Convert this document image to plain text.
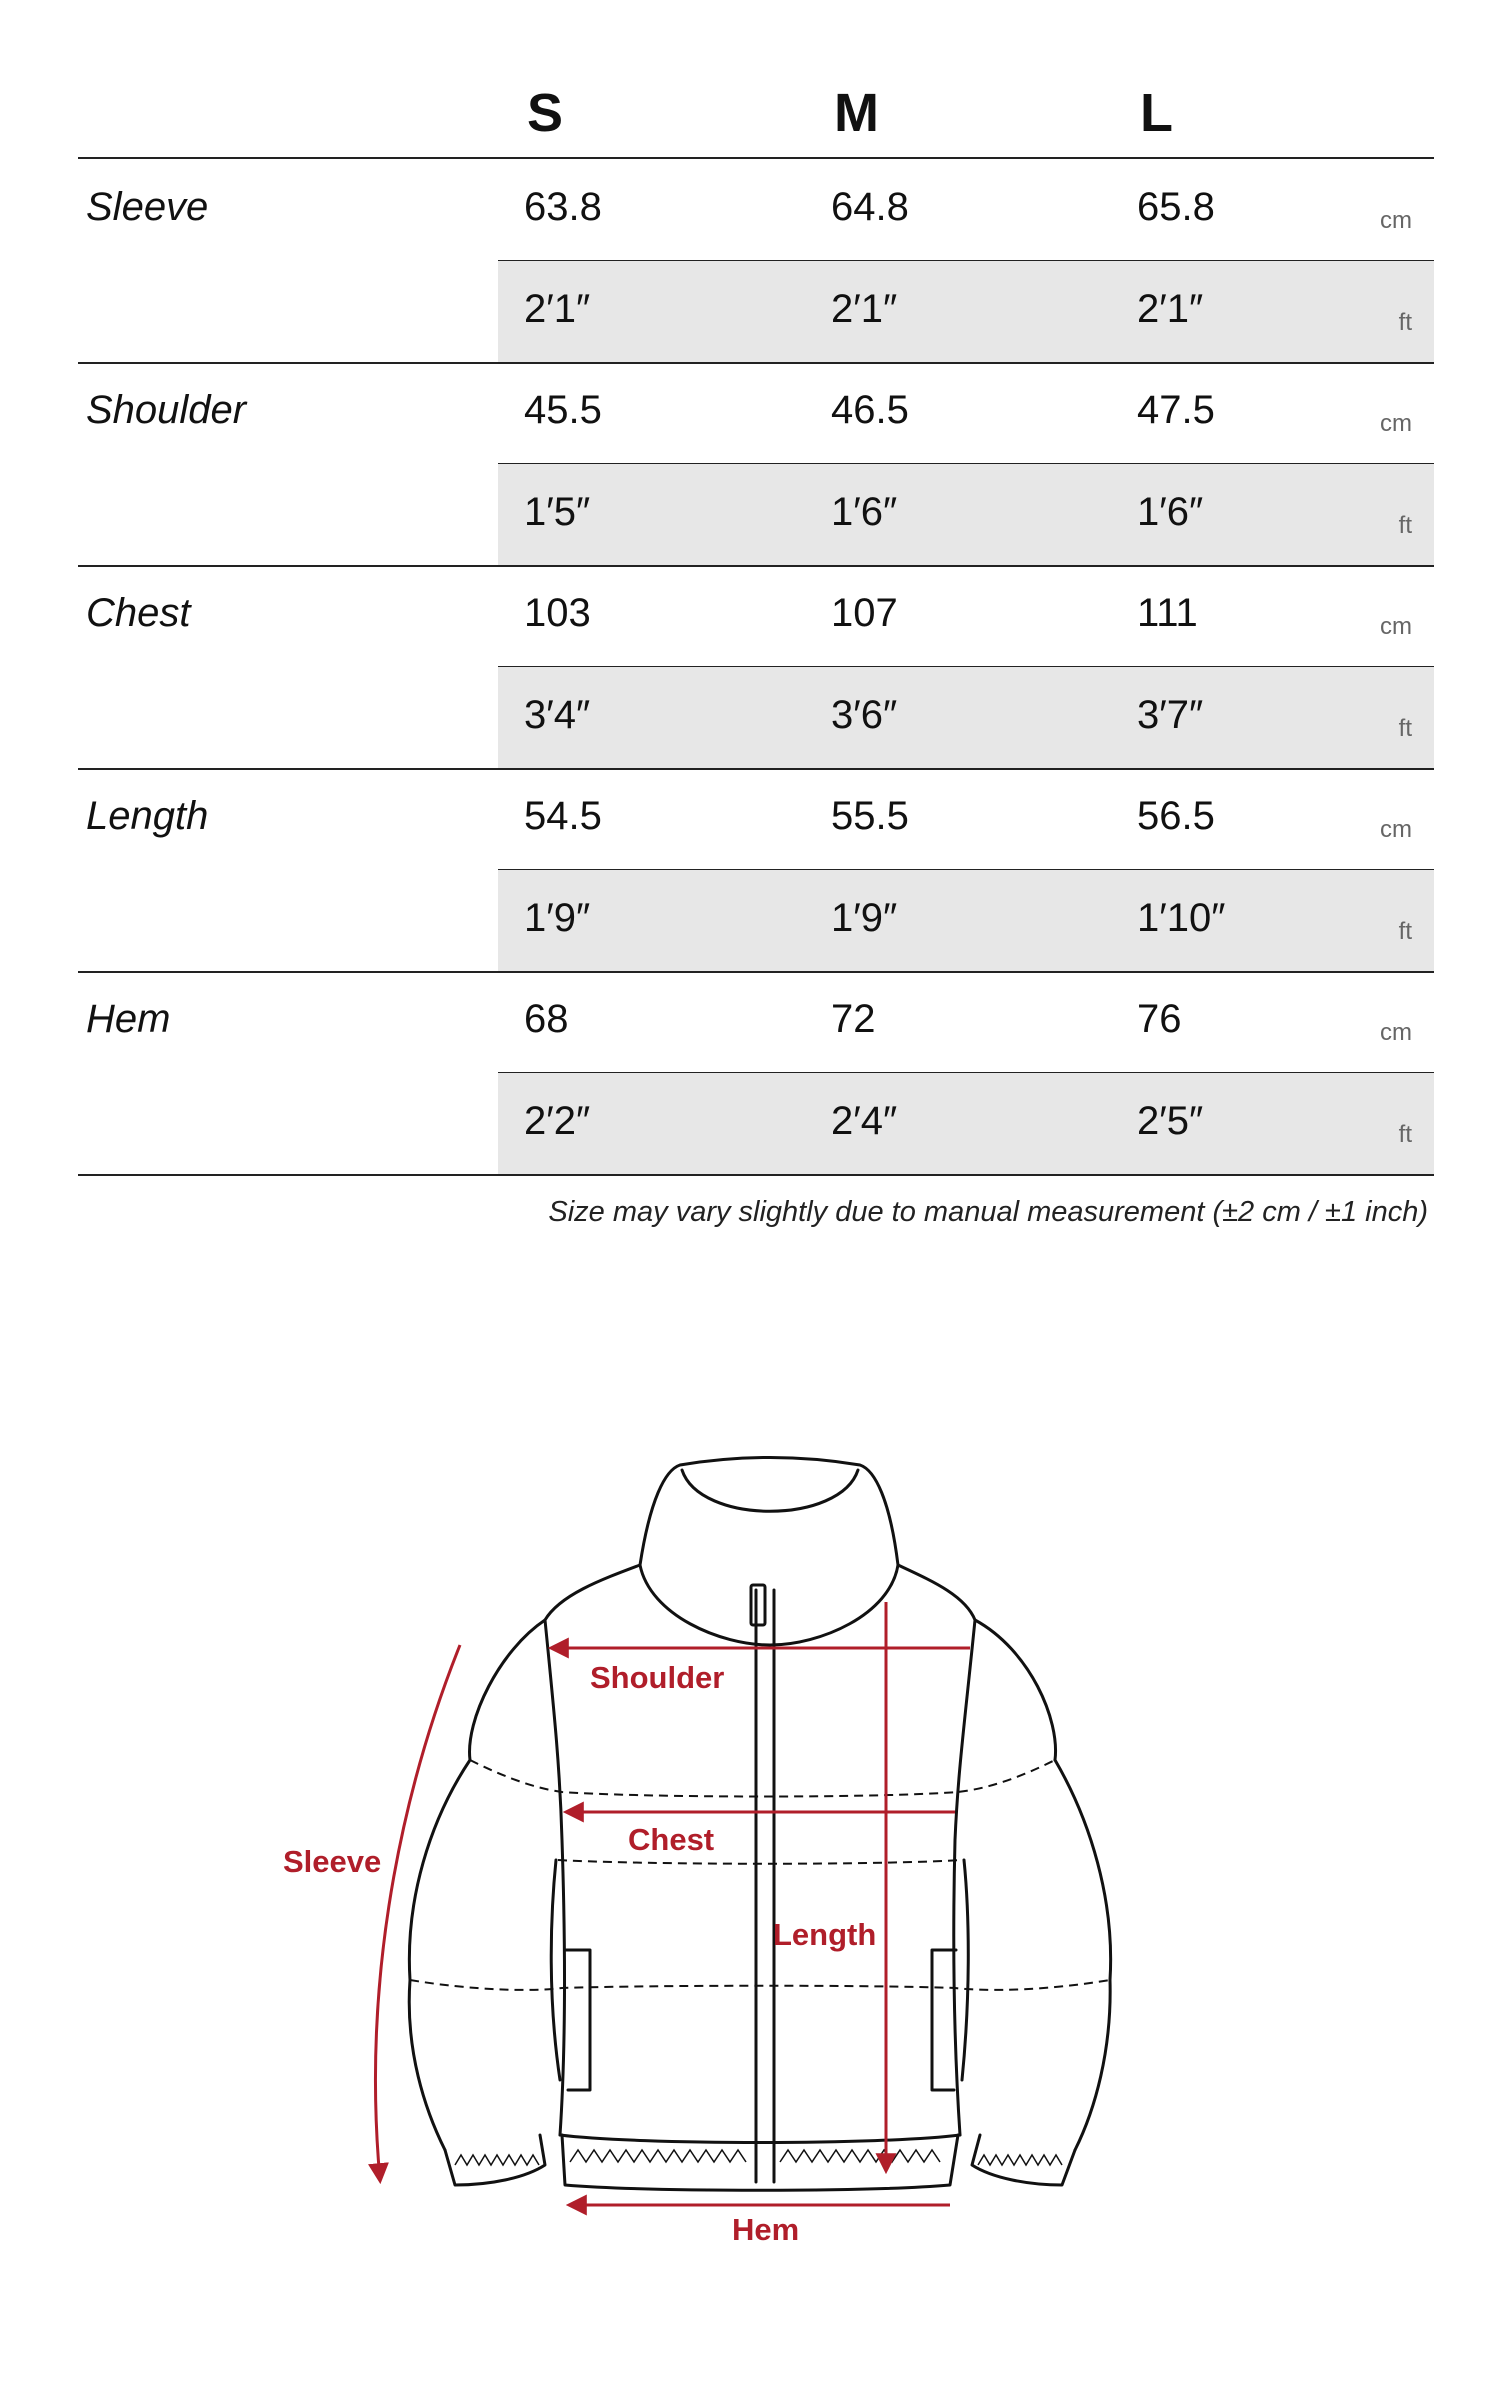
S	M	L
Sleeve	63.8	64.8	65.8	cm
2′1″	2′1″	2′1″	ft
Shoulder	45.5	46.5	47.5	cm
1′5″	1′6″	1′6″	ft
Chest	103	107	111	cm
3′4″	3′6″	3′7″	ft
Length	54.5	55.5	56.5	cm
1′9″	1′9″	1′10″	ft
Hem	68	72	76	cm
2′2″	2′4″	2′5″	ft
Size may vary slightly due to manual measurement (±2 cm / ±1 inch)
Shoulder
Chest
Length
Hem
Sleeve
